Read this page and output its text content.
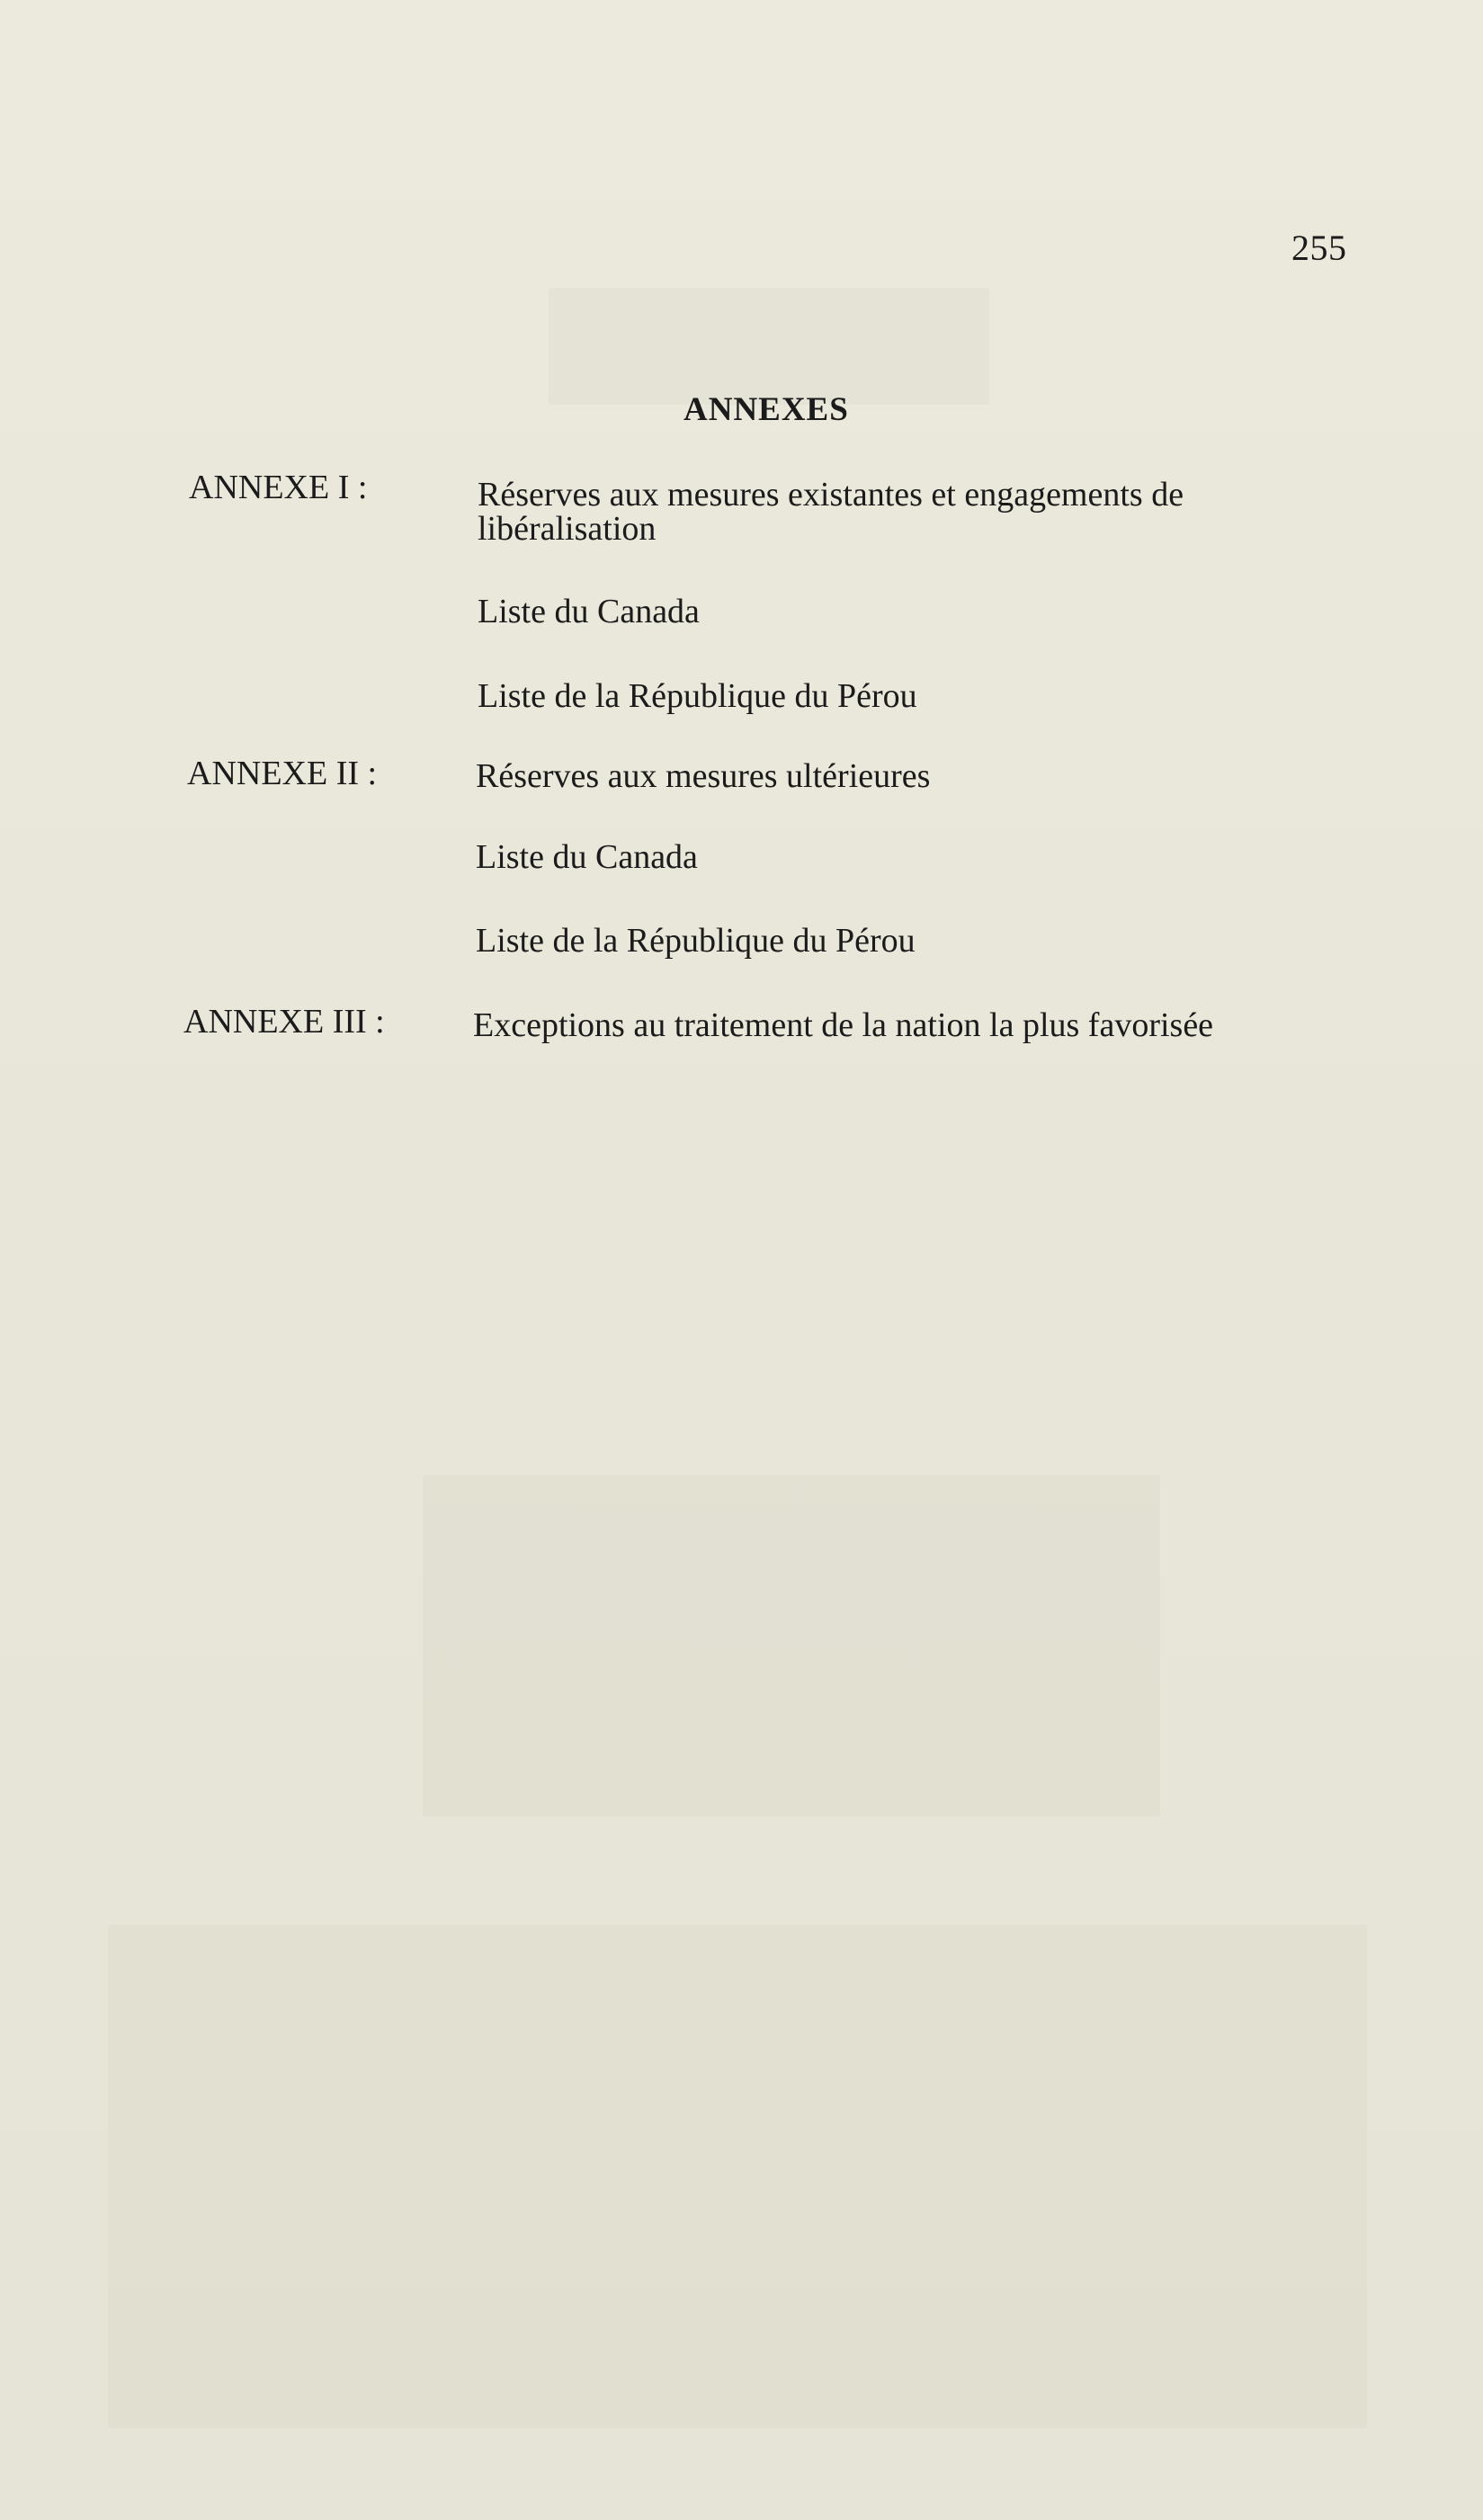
255
ANNEXES
ANNEXE I :	Réserves aux mesures existantes et engagements de
libéralisation
Liste du Canada
Liste de la République du Pérou
ANNEXE II :	Réserves aux mesures ultérieures
Liste du Canada
Liste de la République du Pérou
ANNEXE III :	Exceptions au traitement de la nation la plus favorisée
